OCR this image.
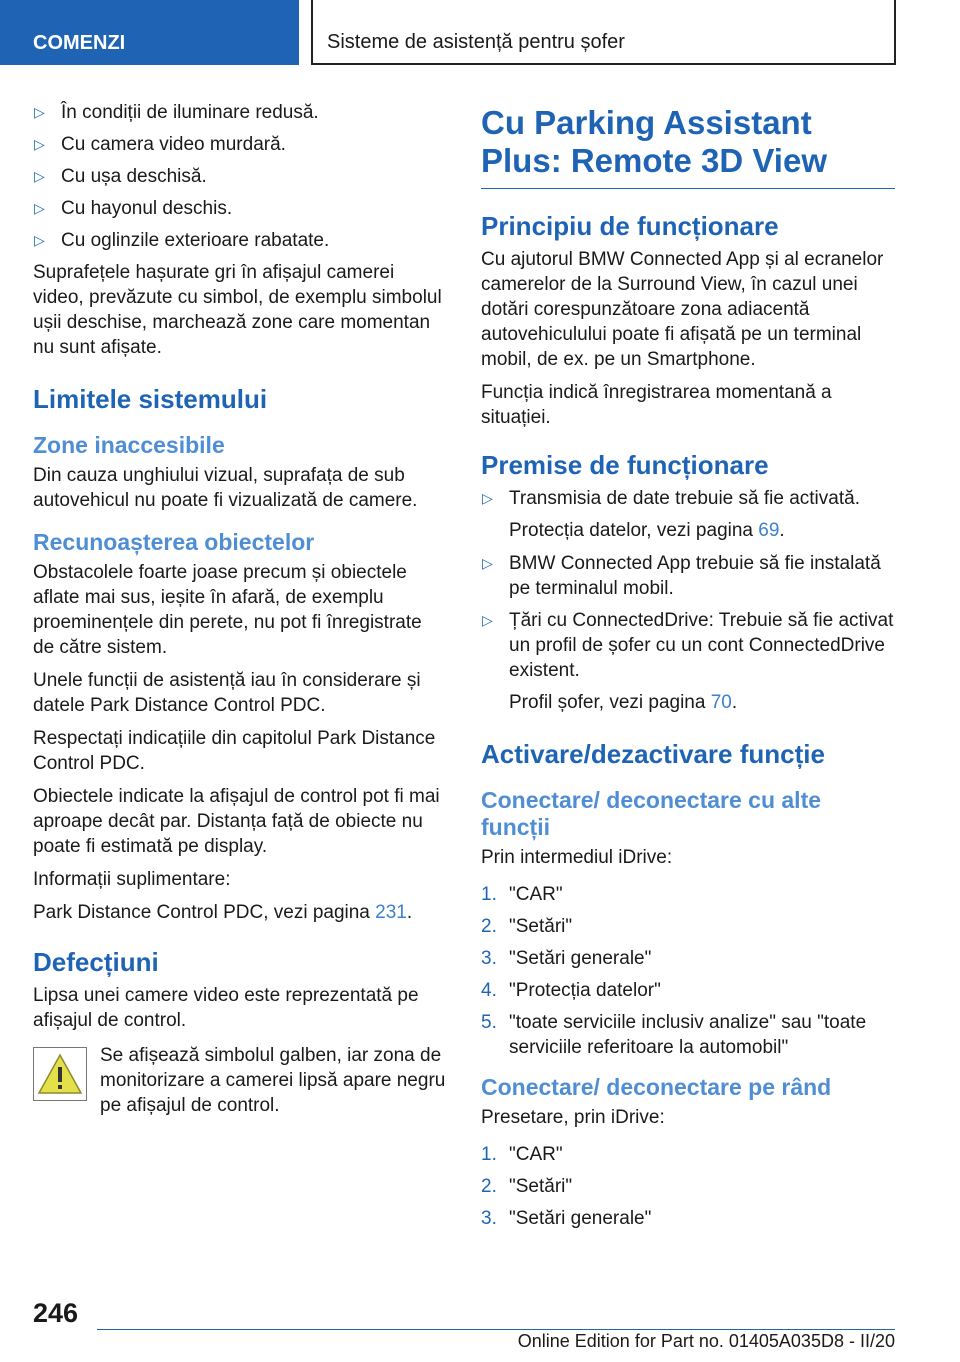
COMENZI	Sisteme de asistență pentru șofer
▷ În condiții de iluminare redusă.
▷ Cu camera video murdară.
▷ Cu ușa deschisă.
▷ Cu hayonul deschis.
▷ Cu oglinzile exterioare rabatate.

Suprafețele hașurate gri în afișajul camerei video, prevăzute cu simbol, de exemplu simbolul ușii deschise, marchează zone care momentan nu sunt afișate.

Limitele sistemului
Zone inaccesibile

Din cauza unghiului vizual, suprafața de sub autovehicul nu poate fi vizualizată de camere.

Recunoașterea obiectelor

Obstacolele foarte joase precum și obiectele aflate mai sus, ieșite în afară, de exemplu proeminențele din perete, nu pot fi înregistrate de către sistem.

Unele funcții de asistență iau în considerare și datele Park Distance Control PDC.

Respectați indicațiile din capitolul Park Distance Control PDC.

Obiectele indicate la afișajul de control pot fi mai aproape decât par. Distanța față de obiecte nu poate fi estimată pe display.

Informații suplimentare:

Park Distance Control PDC, vezi pagina 231.

Defecțiuni

Lipsa unei camere video este reprezentată pe afișajul de control.

Se afișează simbolul galben, iar zona de monitorizare a camerei lipsă apare negru pe afișajul de control.

Cu Parking Assistant Plus: Remote 3D View
Principiu de funcționare

Cu ajutorul BMW Connected App și al ecranelor camerelor de la Surround View, în cazul unei dotări corespunzătoare zona adiacentă autovehiculului poate fi afișată pe un terminal mobil, de ex. pe un Smartphone.

Funcția indică înregistrarea momentană a situației.

Premise de funcționare
▷ Transmisia de date trebuie să fie activată.

Protecția datelor, vezi pagina 69.

▷ BMW Connected App trebuie să fie instalată pe terminalul mobil.
▷ Țări cu ConnectedDrive: Trebuie să fie activat un profil de șofer cu un cont ConnectedDrive existent.

Profil șofer, vezi pagina 70.

Activare/dezactivare funcție
Conectare/ deconectare cu alte funcții

Prin intermediul iDrive:

1. "CAR"
2. "Setări"
3. "Setări generale"
4. "Protecția datelor"
5. "toate serviciile inclusiv analize" sau "toate serviciile referitoare la automobil"
Conectare/ deconectare pe rând

Presetare, prin iDrive:

1. "CAR"
2. "Setări"
3. "Setări generale"
246
Online Edition for Part no. 01405A035D8 - II/20
